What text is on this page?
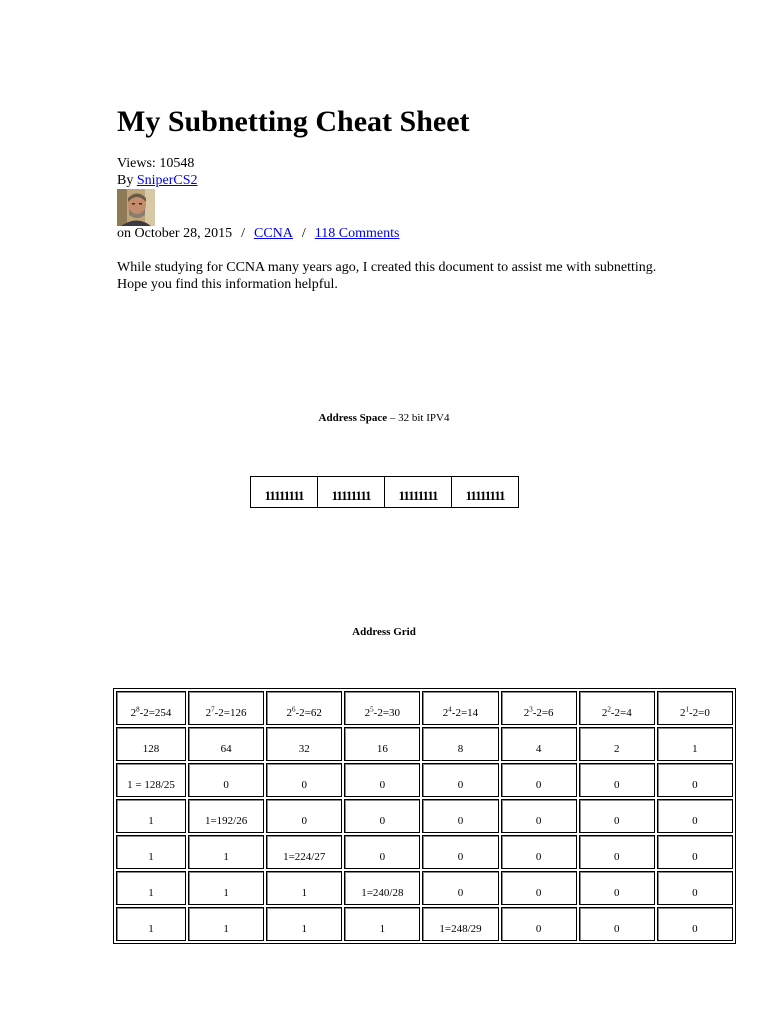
My Subnetting Cheat Sheet
Views: 10548
By SniperCS2
on October 28, 2015 / CCNA / 118 Comments

While studying for CCNA many years ago, I created this document to assist me with subnetting. Hope you find this information helpful.

Address Space – 32 bit IPV4
11111111	11111111	11111111	11111111
Address Grid
$2^8-2=254$	$2^7-2=126$	$2^6-2=62$	$2^5-2=30$	$2^4-2=14$	$2^3-2=6$	$2^2-2=4$	$2^1-2=0$
128	64	32	16	8	4	2	1
1 = 128/25	0	0	0	0	0	0	0
1	1=192/26	0	0	0	0	0	0
1	1	1=224/27	0	0	0	0	0
1	1	1	1=240/28	0	0	0	0
1	1	1	1	1=248/29	0	0	0
